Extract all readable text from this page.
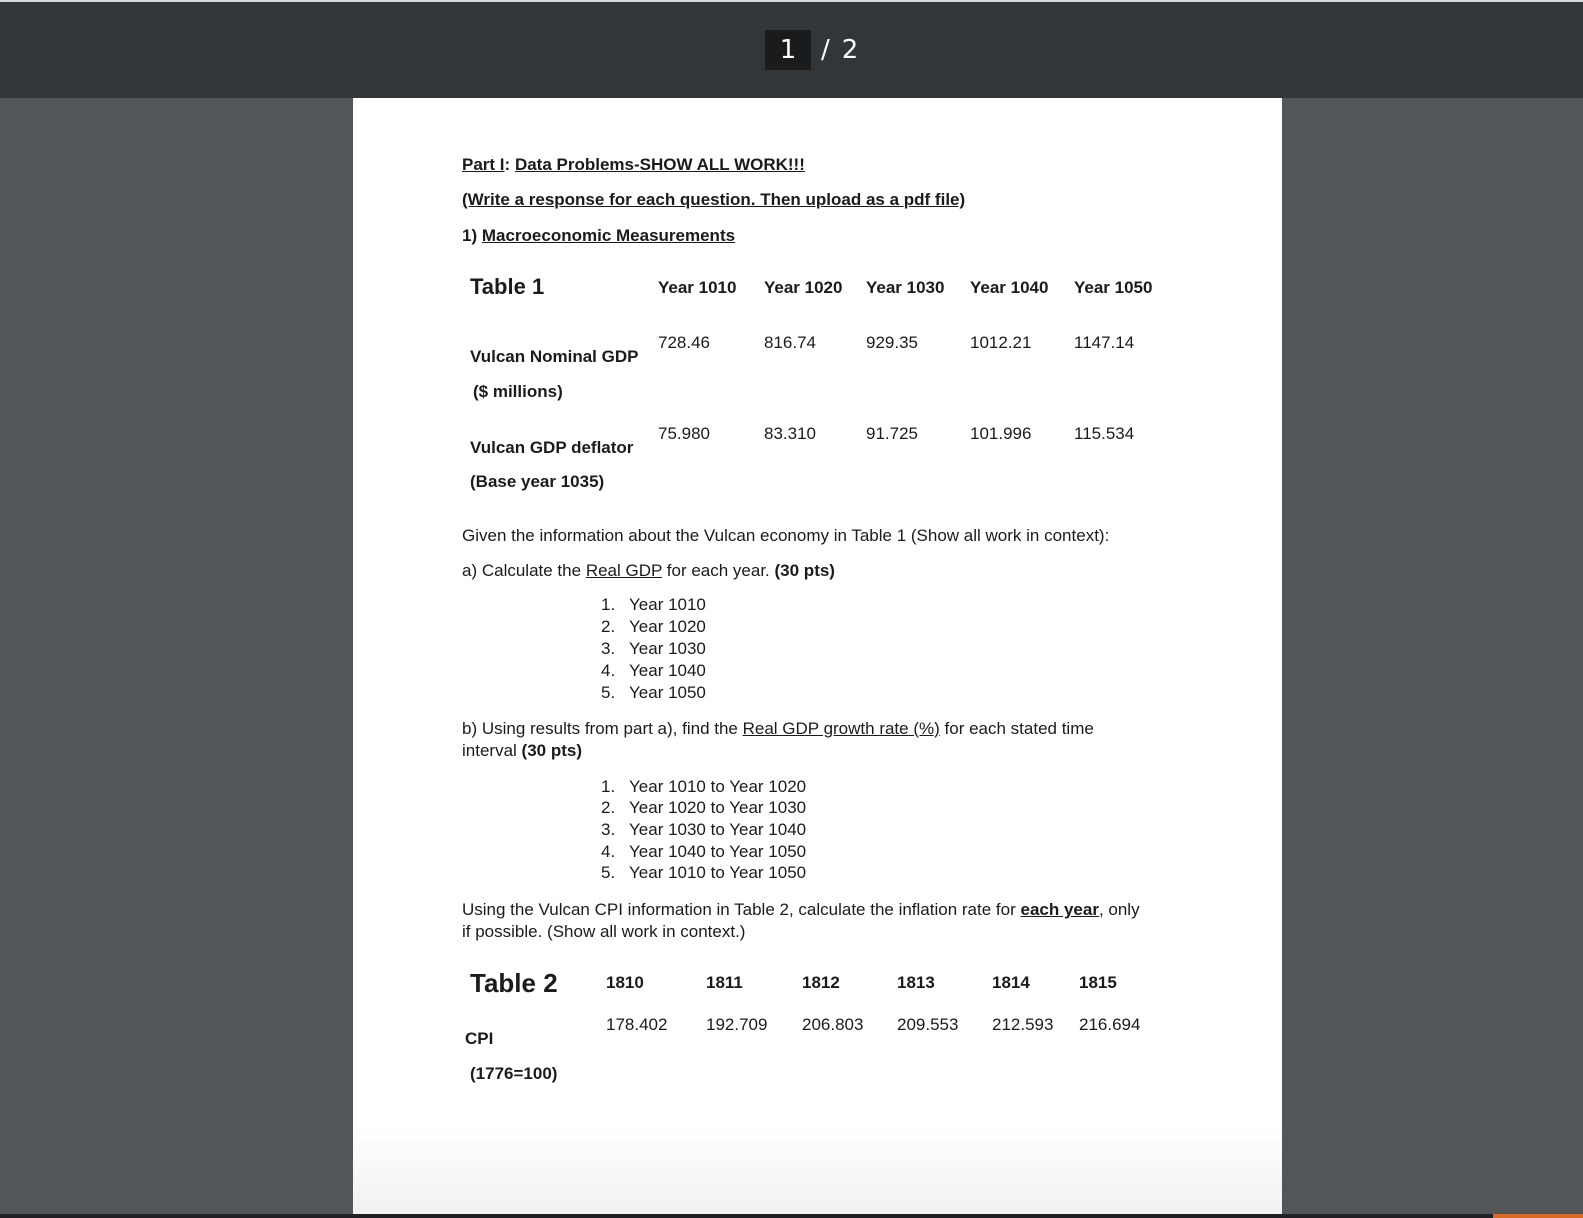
1 / 2
Part I: Data Problems-SHOW ALL WORK!!!
(Write a response for each question. Then upload as a pdf file)
1) Macroeconomic Measurements
Table 1	Year 1010 Year 1020 Year 1030 Year 1040 Year 1050
Vulcan Nominal GDP
($ millions)
728.46	816.74	929.35	1012.21	1147.14
Vulcan GDP deflator
(Base year 1035)
75.980	83.310	91.725	101.996	115.534
Given the information about the Vulcan economy in Table 1 (Show all work in context):
a) Calculate the Real GDP for each year. (30 pts)
1. Year 1010
2. Year 1020
3. Year 1030
4. Year 1040
5. Year 1050
b) Using results from part a), find the Real GDP growth rate (%) for each stated time
interval (30 pts)
1. Year 1010 to Year 1020
2. Year 1020 to Year 1030
3. Year 1030 to Year 1040
4. Year 1040 to Year 1050
5. Year 1010 to Year 1050
Using the Vulcan CPI information in Table 2, calculate the inflation rate for each year, only
if possible. (Show all work in context.)
Table 2	1810	1811	1812	1813	1814	1815
178.402 192.709 206.803 209.553 212.593 216.694
CPI
(1776=100)
